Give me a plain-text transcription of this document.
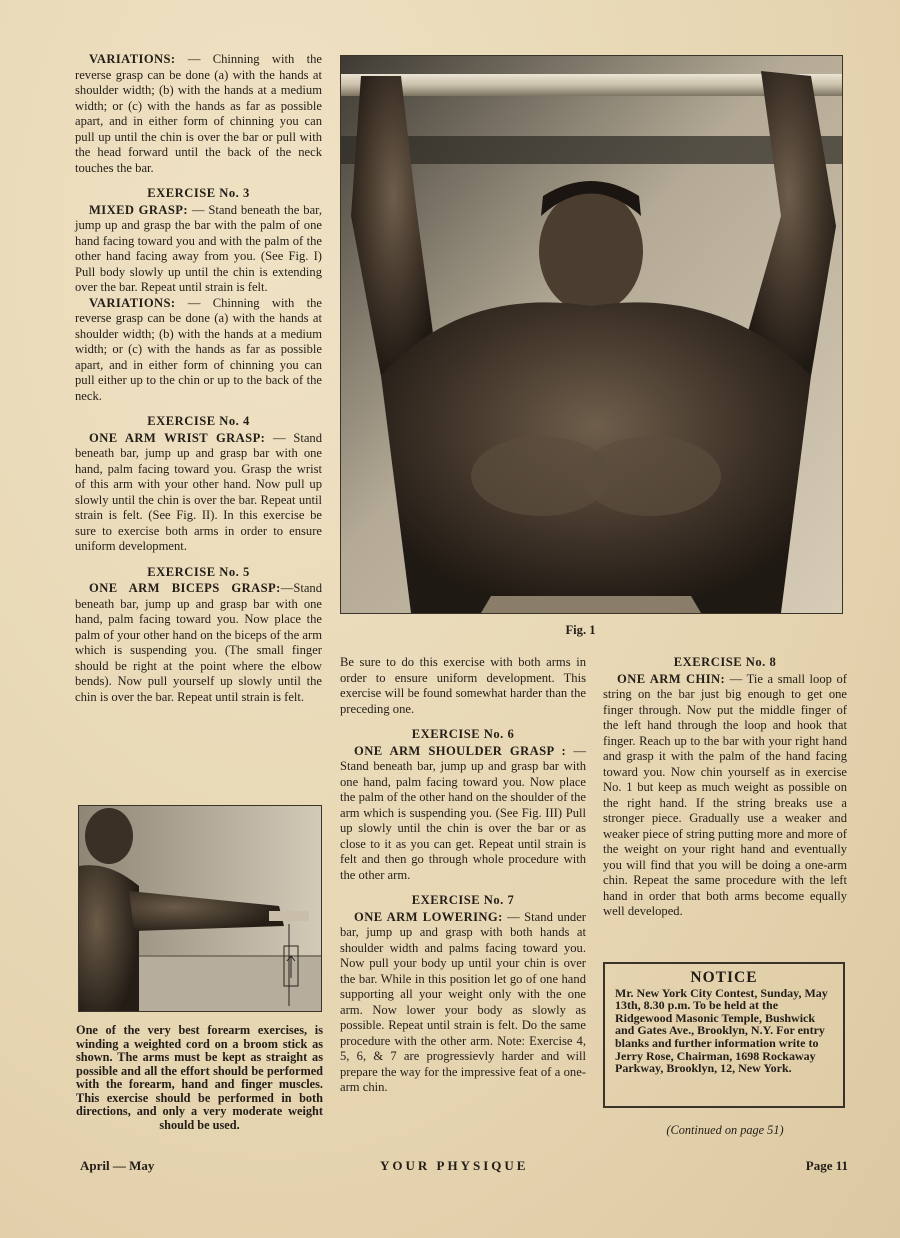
VARIATIONS: — Chinning with the reverse grasp can be done (a) with the hands at shoulder width; (b) with the hands at a medium width; or (c) with the hands as far as possible apart, and in either form of chinning you can pull up until the chin is over the bar or pull with the head forward until the back of the neck touches the bar.

EXERCISE No. 3

MIXED GRASP: — Stand beneath the bar, jump up and grasp the bar with the palm of one hand facing toward you and with the palm of the other hand facing away from you. (See Fig. I) Pull body slowly up until the chin is extending over the bar. Repeat until strain is felt.

VARIATIONS: — Chinning with the reverse grasp can be done (a) with the hands at shoulder width; (b) with the hands at a medium width; or (c) with the hands as far as possible apart, and in either form of chinning you can pull either up to the chin or up to the back of the neck.

EXERCISE No. 4

ONE ARM WRIST GRASP: — Stand beneath bar, jump up and grasp bar with one hand, palm facing toward you. Grasp the wrist of this arm with your other hand. Now pull up slowly until the chin is over the bar. Repeat until strain is felt. (See Fig. II). In this exercise be sure to exercise both arms in order to ensure uniform development.

EXERCISE No. 5

ONE ARM BICEPS GRASP:—Stand beneath bar, jump up and grasp bar with one hand, palm facing toward you. Now place the palm of your other hand on the biceps of the arm which is suspending you. (The small finger should be right at the point where the elbow bends). Now pull yourself up slowly until the chin is over the bar. Repeat until strain is felt.

Fig. 1
One of the very best forearm exercises, is winding a weighted cord on a broom stick as shown. The arms must be kept as straight as possible and all the effort should be performed with the forearm, hand and finger muscles. This exercise should be performed in both directions, and only a very moderate weight should be used.

Be sure to do this exercise with both arms in order to ensure uniform development. This exercise will be found somewhat harder than the preceding one.

EXERCISE No. 6

ONE ARM SHOULDER GRASP : — Stand beneath bar, jump up and grasp bar with one hand, palm facing toward you. Now place the palm of the other hand on the shoulder of the arm which is suspending you. (See Fig. III) Pull up slowly until the chin is over the bar or as close to it as you can get. Repeat until strain is felt and then go through whole procedure with the other arm.

EXERCISE No. 7

ONE ARM LOWERING: — Stand under bar, jump up and grasp with both hands at shoulder width and palms facing toward you. Now pull your body up until your chin is over the bar. While in this position let go of one hand supporting all your weight only with the one arm. Now lower your body as slowly as possible. Repeat until strain is felt. Do the same procedure with the other arm. Note: Exercise 4, 5, 6, & 7 are progressievly harder and will prepare the way for the impressive feat of a one-arm chin.

EXERCISE No. 8

ONE ARM CHIN: — Tie a small loop of string on the bar just big enough to get one finger through. Now put the middle finger of the left hand through the loop and hook that finger. Reach up to the bar with your right hand and grasp it with the palm of the hand facing toward you. Now chin yourself as in exercise No. 1 but keep as much weight as possible on the right hand. If the string breaks use a stronger piece. Gradually use a weaker and weaker piece of string putting more and more of the weight on your right hand and eventually you will find that you will be doing a one-arm chin. Repeat the same procedure with the left hand in order that both arms become equally well developed.

NOTICE
Mr. New York City Contest, Sunday, May 13th, 8.30 p.m. To be held at the Ridgewood Masonic Temple, Bushwick and Gates Ave., Brooklyn, N.Y. For entry blanks and further information write to Jerry Rose, Chairman, 1698 Rockaway Parkway, Brooklyn, 12, New York.
(Continued on page 51)
April — May	YOUR PHYSIQUE	Page 11
